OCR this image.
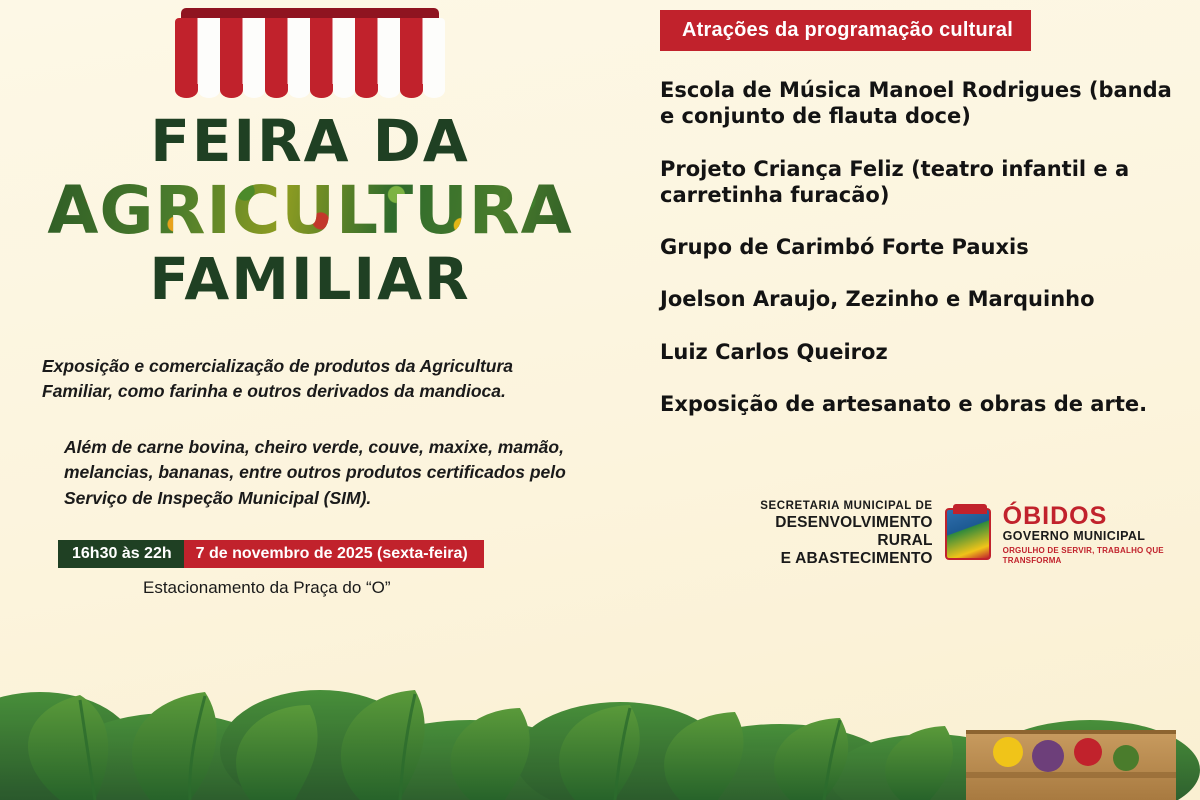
FEIRA DA
AGRICULTURA
FAMILIAR

Exposição e comercialização de produtos da Agricultura Familiar, como farinha e outros derivados da mandioca.

Além de carne bovina, cheiro verde, couve, maxixe, mamão, melancias, bananas, entre outros produtos certificados pelo Serviço de Inspeção Municipal (SIM).

16h30 às 22h	7 de novembro de 2025 (sexta-feira)
Estacionamento da Praça do “O”
Atrações da programação cultural
Escola de Música Manoel Rodrigues (banda e conjunto de flauta doce)
Projeto Criança Feliz (teatro infantil e a carretinha furacão)
Grupo de Carimbó Forte Pauxis
Joelson Araujo, Zezinho e Marquinho
Luiz Carlos Queiroz
Exposição de artesanato e obras de arte.
SECRETARIA MUNICIPAL DE
DESENVOLVIMENTO RURAL
E ABASTECIMENTO
ÓBIDOS
GOVERNO MUNICIPAL
ORGULHO DE SERVIR, TRABALHO QUE TRANSFORMA
